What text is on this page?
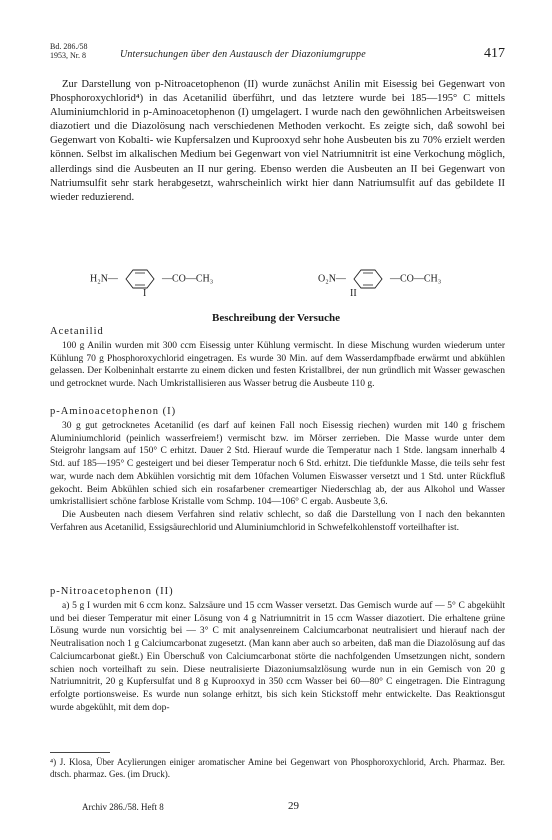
Bd. 286./58
1953, Nr. 8	Untersuchungen über den Austausch der Diazoniumgruppe	417

Zur Darstellung von p-Nitroacetophenon (II) wurde zunächst Anilin mit Eisessig bei Gegenwart von Phosphoroxychlorid⁴) in das Acetanilid überführt, und das letztere wurde bei 185—195° C mittels Aluminiumchlorid in p-Aminoacetophenon (I) umgelagert. I wurde nach den gewöhnlichen Arbeitsweisen diazotiert und die Diazolösung nach verschiedenen Methoden verkocht. Es zeigte sich, daß sowohl bei Gegenwart von Kobalti- wie Kupfersalzen und Kuprooxyd sehr hohe Ausbeuten bis zu 70% erzielt werden können. Selbst im alkalischen Medium bei Gegenwart von viel Natriumnitrit ist eine Verkochung möglich, allerdings sind die Ausbeuten an II nur gering. Ebenso werden die Ausbeuten an II bei Gegenwart von Natriumsulfit sehr stark herabgesetzt, wahrscheinlich wirkt hier dann Natriumsulfit auf das gebildete II wieder reduzierend.

H₂N—	—CO—CH₃
I
O₂N—	—CO—CH₃
II
Beschreibung der Versuche
Acetanilid

100 g Anilin wurden mit 300 ccm Eisessig unter Kühlung vermischt. In diese Mischung wurden wiederum unter Kühlung 70 g Phosphoroxychlorid eingetragen. Es wurde 30 Min. auf dem Wasserdampfbade erwärmt und abkühlen gelassen. Der Kolbeninhalt erstarrte zu einem dicken und festen Kristallbrei, der nun gründlich mit Wasser gewaschen und getrocknet wurde. Nach Umkristallisieren aus Wasser betrug die Ausbeute 110 g.

p-Aminoacetophenon (I)

30 g gut getrocknetes Acetanilid (es darf auf keinen Fall noch Eisessig riechen) wurden mit 140 g frischem Aluminiumchlorid (peinlich wasserfreiem!) vermischt bzw. im Mörser zerrieben. Die Masse wurde unter dem Steigrohr langsam auf 150° C erhitzt. Dauer 2 Std. Hierauf wurde die Temperatur nach 1 Stde. langsam innerhalb 4 Std. auf 185—195° C gesteigert und bei dieser Temperatur noch 6 Std. erhitzt. Die tiefdunkle Masse, die teils sehr fest war, wurde nach dem Abkühlen vorsichtig mit dem 10fachen Volumen Eiswasser versetzt und 1 Std. unter Rückfluß gekocht. Beim Abkühlen schied sich ein rosafarbener cremeartiger Niederschlag ab, der aus Alkohol und Wasser umkristallisiert schöne farblose Kristalle vom Schmp. 104—106° C ergab. Ausbeute 3,6.

Die Ausbeuten nach diesem Verfahren sind relativ schlecht, so daß die Darstellung von I nach den bekannten Verfahren aus Acetanilid, Essigsäurechlorid und Aluminiumchlorid in Schwefelkohlenstoff vorteilhafter ist.

p-Nitroacetophenon (II)

a) 5 g I wurden mit 6 ccm konz. Salzsäure und 15 ccm Wasser versetzt. Das Gemisch wurde auf — 5° C abgekühlt und bei dieser Temperatur mit einer Lösung von 4 g Natriumnitrit in 15 ccm Wasser diazotiert. Die erhaltene grüne Lösung wurde nun vorsichtig bei — 3° C mit analysenreinem Calciumcarbonat neutralisiert und hierauf nach der Neutralisation noch 1 g Calciumcarbonat zugesetzt. (Man kann aber auch so arbeiten, daß man die Diazolösung auf das Calciumcarbonat gießt.) Ein Überschuß von Calciumcarbonat störte die nachfolgenden Umsetzungen nicht, sondern schien noch vorteilhaft zu sein. Diese neutralisierte Diazoniumsalzlösung wurde nun in ein Gemisch von 20 g Natriumnitrit, 20 g Kupfersulfat und 8 g Kuprooxyd in 350 ccm Wasser bei 60—80° C eingetragen. Die Eintragung erfolgte portionsweise. Es wurde nun solange erhitzt, bis sich kein Stickstoff mehr entwickelte. Das Reaktionsgut wurde abgekühlt, mit dem dop-

⁴) J. Klosa, Über Acylierungen einiger aromatischer Amine bei Gegenwart von Phosphoroxychlorid, Arch. Pharmaz. Ber. dtsch. pharmaz. Ges. (im Druck).
Archiv 286./58. Heft 8	29
